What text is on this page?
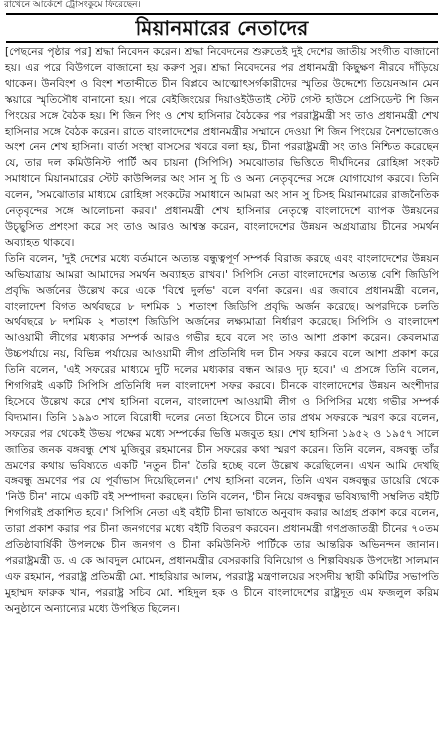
রাখেনে আর্কেশে ট্রোসংকুমে ফিরেছেন।
মিয়ানমারের নেতাদের

[পেছনের পৃষ্ঠার পর] শ্রদ্ধা নিবেদন করেন। শ্রদ্ধা নিবেদনের শুরুতেই দুই দেশের জাতীয় সংগীত বাজানো হয়। এর পরে বিউগলে বাজানো হয় করুণ সুর। শ্রদ্ধা নিবেদনের পর প্রধানমন্ত্রী কিছুক্ষণ নীরবে দাঁড়িয়ে থাকেন। উনবিংশ ও বিংশ শতাব্দীতে চীন বিপ্লবে আত্মোৎসর্গকারীদের স্মৃতির উদ্দেশ্যে তিয়েনআন মেন স্কয়ারে স্মৃতিসৌধ বানানো হয়। পরে বেইজিংয়ের দিয়াওইউতাই স্টেট গেস্ট হাউসে প্রেসিডেন্ট শি জিন পিংয়ের সঙ্গে বৈঠক হয়। শি জিন পিং ও শেখ হাসিনার বৈঠকের পর পররাষ্ট্রমন্ত্রী সং তাও প্রধানমন্ত্রী শেখ হাসিনার সঙ্গে বৈঠক করেন। রাতে বাংলাদেশের প্রধানমন্ত্রীর সম্মানে দেওয়া শি জিন পিংয়ের নৈশভোজেও অংশ নেন শেখ হাসিনা। বার্তা সংস্থা বাসসের খবরে বলা হয়, চীনা পররাষ্ট্রমন্ত্রী সং তাও নিশ্চিত করেছেন যে, তার দল কমিউনিস্ট পার্টি অব চায়না (সিপিসি) সমঝোতার ভিত্তিতে দীর্ঘদিনের রোহিঙ্গা সংকট সমাধানে মিয়ানমারের স্টেট কাউন্সিলর অং সান সু চি ও অন্য নেতৃবৃন্দের সঙ্গে যোগাযোগ করবে। তিনি বলেন, 'সমঝোতার মাধ্যমে রোহিঙ্গা সংকটের সমাধানে আমরা অং সান সু চিসহ মিয়ানমারের রাজনৈতিক নেতৃবৃন্দের সঙ্গে আলোচনা করব।' প্রধানমন্ত্রী শেখ হাসিনার নেতৃত্বে বাংলাদেশে ব্যাপক উন্নয়নের উচ্ছ্বসিত প্রশংসা করে সং তাও আরও আশ্বস্ত করেন, বাংলাদেশের উন্নয়ন অগ্রযাত্রায় চীনের সমর্থন অব্যাহত থাকবে।

তিনি বলেন, 'দুই দেশের মধ্যে বর্তমানে অত্যন্ত বন্ধুত্বপূর্ণ সম্পর্ক বিরাজ করছে এবং বাংলাদেশের উন্নয়ন অভিযাত্রায় আমরা আমাদের সমর্থন অব্যাহত রাখব।' সিপিসি নেতা বাংলাদেশের অত্যন্ত বেশি জিডিপি প্রবৃদ্ধি অর্জনের উল্লেখ করে একে 'বিশ্বে দুর্লভ' বলে বর্ণনা করেন। এর জবাবে প্রধানমন্ত্রী বলেন, বাংলাদেশ বিগত অর্থবছরে ৮ দশমিক ১ শতাংশ জিডিপি প্রবৃদ্ধি অর্জন করেছে। অপরদিকে চলতি অর্থবছরে ৮ দশমিক ২ শতাংশ জিডিপি অর্জনের লক্ষ্যমাত্রা নির্ধারণ করেছে। সিপিসি ও বাংলাদেশ আওয়ামী লীগের মধ্যকার সম্পর্ক আরও গভীর হবে বলে সং তাও আশা প্রকাশ করেন। কেবলমাত্র উচ্চপর্যায়ে নয়, বিভিন্ন পর্যায়ের আওয়ামী লীগ প্রতিনিধি দল চীন সফর করবে বলে আশা প্রকাশ করে তিনি বলেন, 'এই সফরের মাধ্যমে দুটি দলের মধ্যকার বন্ধন আরও দৃঢ় হবে।' এ প্রসঙ্গে তিনি বলেন, শিগগিরই একটি সিপিসি প্রতিনিধি দল বাংলাদেশ সফর করবে। চীনকে বাংলাদেশের উন্নয়ন অংশীদার হিসেবে উল্লেখ করে শেখ হাসিনা বলেন, বাংলাদেশ আওয়ামী লীগ ও সিপিসির মধ্যে গভীর সম্পর্ক বিদ্যমান। তিনি ১৯৯৩ সালে বিরোধী দলের নেতা হিসেবে চীনে তার প্রথম সফরকে স্মরণ করে বলেন, সফরের পর থেকেই উভয় পক্ষের মধ্যে সম্পর্কের ভিত্তি মজবুত হয়। শেখ হাসিনা ১৯৫২ ও ১৯৫৭ সালে জাতির জনক বঙ্গবন্ধু শেখ মুজিবুর রহমানের চীন সফরের কথা স্মরণ করেন। তিনি বলেন, বঙ্গবন্ধু তাঁর ভ্রমণের কথায় ভবিষ্যতে একটি 'নতুন চীন' তৈরি হচ্ছে বলে উল্লেখ করেছিলেন। এখন আমি দেখছি বঙ্গবন্ধু ভ্রমণের পর যে পূর্বাভাস দিয়েছিলেন।' শেখ হাসিনা বলেন, তিনি এখন বঙ্গবন্ধুর ডায়েরি থেকে 'নিউ চীন' নামে একটি বই সম্পাদনা করছেন। তিনি বলেন, 'চীন নিয়ে বঙ্গবন্ধুর ভবিষ্যদ্বাণী সম্বলিত বইটি শিগগিরই প্রকাশিত হবে।' সিপিসি নেতা এই বইটি চীনা ভাষাতে অনুবাদ করার আগ্রহ প্রকাশ করে বলেন, তারা প্রকাশ করার পর চীনা জনগণের মধ্যে বইটি বিতরণ করবেন। প্রধানমন্ত্রী গণপ্রজাতন্ত্রী চীনের ৭০তম প্রতিষ্ঠাবার্ষিকী উপলক্ষে চীন জনগণ ও চীনা কমিউনিস্ট পার্টিকে তার আন্তরিক অভিনন্দন জানান। পররাষ্ট্রমন্ত্রী ড. এ কে আবদুল মোমেন, প্রধানমন্ত্রীর বেসরকারি বিনিয়োগ ও শিল্পবিষয়ক উপদেষ্টা সালমান এফ রহমান, পররাষ্ট্র প্রতিমন্ত্রী মো. শাহরিয়ার আলম, পররাষ্ট্র মন্ত্রণালয়ের সংসদীয় স্থায়ী কমিটির সভাপতি মুহাম্মদ ফারুক খান, পররাষ্ট্র সচিব মো. শহিদুল হক ও চীনে বাংলাদেশের রাষ্ট্রদূত এম ফজলুল করিম অনুষ্ঠানে অন্যান্যের মধ্যে উপস্থিত ছিলেন।
